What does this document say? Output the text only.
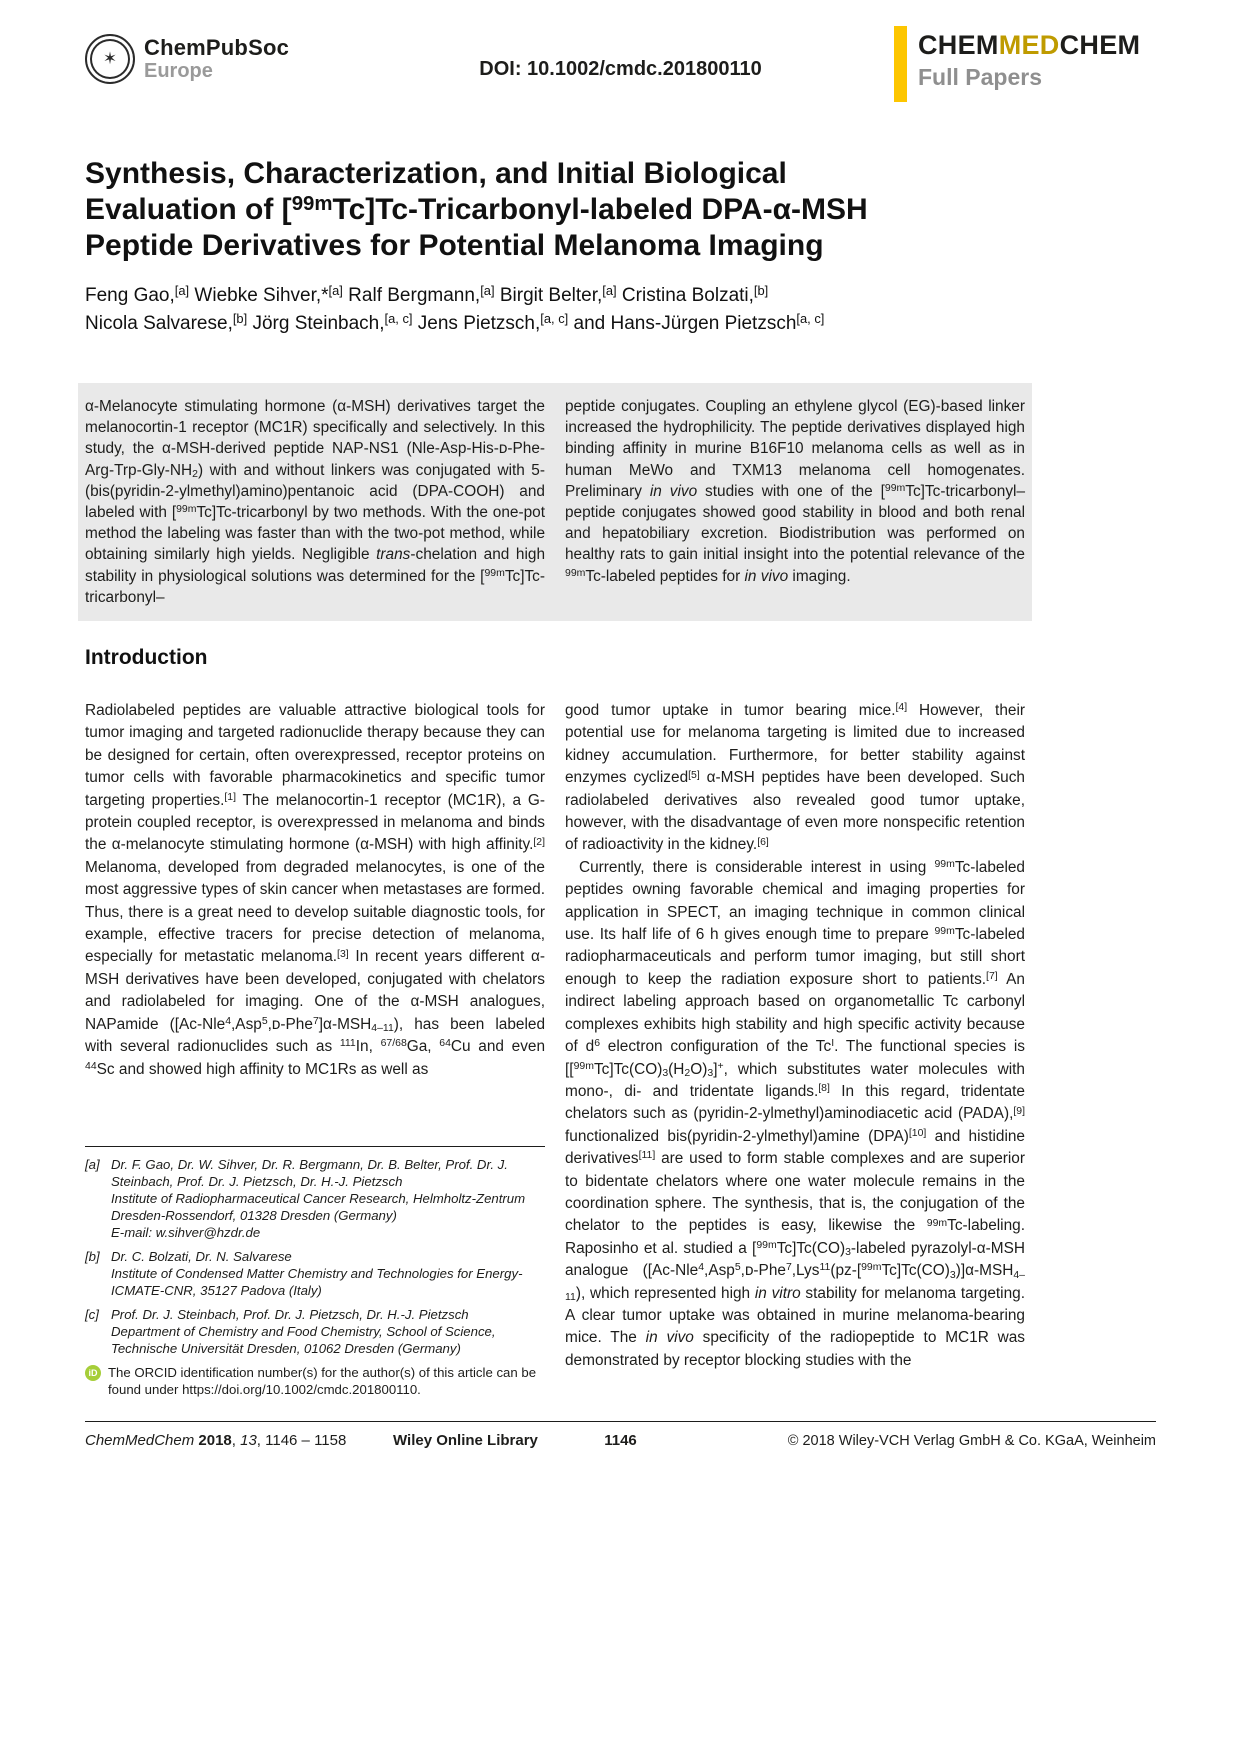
✶ ChemPubSoc
Europe	DOI: 10.1002/cmdc.201800110
CHEMMEDCHEM
Full Papers
Synthesis, Characterization, and Initial Biological
Evaluation of [$^{99m}$Tc]Tc-Tricarbonyl-labeled DPA-α-MSH
Peptide Derivatives for Potential Melanoma Imaging
Feng Gao,[a] Wiebke Sihver,*[a] Ralf Bergmann,[a] Birgit Belter,[a] Cristina Bolzati,[b]
Nicola Salvarese,[b] Jörg Steinbach,[a, c] Jens Pietzsch,[a, c] and Hans-Jürgen Pietzsch[a, c]
α-Melanocyte stimulating hormone (α-MSH) derivatives target the melanocortin-1 receptor (MC1R) specifically and selectively. In this study, the α-MSH-derived peptide NAP-NS1 $(Nle-Asp-His-ᴅ-Phe-Arg-Trp-Gly-NH_2)$ with and without linkers was conjugated with 5-(bis(pyridin-2-ylmethyl)amino)pentanoic acid (DPA-COOH) and labeled with [$^{99m}$Tc]Tc-tricarbonyl by two methods. With the one-pot method the labeling was faster than with the two-pot method, while obtaining similarly high yields. Negligible trans-chelation and high stability in physiological solutions was determined for the [$^{99m}$Tc]Tc-tricarbonyl–
peptide conjugates. Coupling an ethylene glycol (EG)-based linker increased the hydrophilicity. The peptide derivatives displayed high binding affinity in murine B16F10 melanoma cells as well as in human MeWo and TXM13 melanoma cell homogenates. Preliminary in vivo studies with one of the [$^{99m}$Tc]Tc-tricarbonyl–peptide conjugates showed good stability in blood and both renal and hepatobiliary excretion. Biodistribution was performed on healthy rats to gain initial insight into the potential relevance of the $^{99m}$Tc-labeled peptides for in vivo imaging.
Introduction

Radiolabeled peptides are valuable attractive biological tools for tumor imaging and targeted radionuclide therapy because they can be designed for certain, often overexpressed, receptor proteins on tumor cells with favorable pharmacokinetics and specific tumor targeting properties.[1] The melanocortin-1 receptor (MC1R), a G-protein coupled receptor, is overexpressed in melanoma and binds the α-melanocyte stimulating hormone (α-MSH) with high affinity.[2] Melanoma, developed from degraded melanocytes, is one of the most aggressive types of skin cancer when metastases are formed. Thus, there is a great need to develop suitable diagnostic tools, for example, effective tracers for precise detection of melanoma, especially for metastatic melanoma.[3] In recent years different α-MSH derivatives have been developed, conjugated with chelators and radiolabeled for imaging. One of the α-MSH analogues, NAPamide $([Ac-Nle^4,Asp^5,ᴅ-Phe^7]\alpha-MSH_{4-11})$, has been labeled with several radionuclides such as $^{111}$In, $^{67/68}$Ga, $^{64}$Cu and even $^{44}$Sc and showed high affinity to MC1Rs as well as

[a] Dr. F. Gao, Dr. W. Sihver, Dr. R. Bergmann, Dr. B. Belter, Prof. Dr. J. Steinbach, Prof. Dr. J. Pietzsch, Dr. H.-J. Pietzsch
Institute of Radiopharmaceutical Cancer Research, Helmholtz-Zentrum Dresden-Rossendorf, 01328 Dresden (Germany)
E-mail: w.sihver@hzdr.de
[b] Dr. C. Bolzati, Dr. N. Salvarese
Institute of Condensed Matter Chemistry and Technologies for Energy-ICMATE-CNR, 35127 Padova (Italy)
[c] Prof. Dr. J. Steinbach, Prof. Dr. J. Pietzsch, Dr. H.-J. Pietzsch
Department of Chemistry and Food Chemistry, School of Science, Technische Universität Dresden, 01062 Dresden (Germany)
iD The ORCID identification number(s) for the author(s) of this article can be found under https://doi.org/10.1002/cmdc.201800110.

good tumor uptake in tumor bearing mice.[4] However, their potential use for melanoma targeting is limited due to increased kidney accumulation. Furthermore, for better stability against enzymes cyclized[5] α-MSH peptides have been developed. Such radiolabeled derivatives also revealed good tumor uptake, however, with the disadvantage of even more nonspecific retention of radioactivity in the kidney.[6]

Currently, there is considerable interest in using $^{99m}$Tc-labeled peptides owning favorable chemical and imaging properties for application in SPECT, an imaging technique in common clinical use. Its half life of 6 h gives enough time to prepare $^{99m}$Tc-labeled radiopharmaceuticals and perform tumor imaging, but still short enough to keep the radiation exposure short to patients.[7] An indirect labeling approach based on organometallic Tc carbonyl complexes exhibits high stability and high specific activity because of $d^6$ electron configuration of the $Tc^I$. The functional species is $[[^{99m}Tc]Tc(CO)_3(H_2O)_3]^+$, which substitutes water molecules with mono-, di- and tridentate ligands.[8] In this regard, tridentate chelators such as (pyridin-2-ylmethyl)aminodiacetic acid (PADA),[9] functionalized bis(pyridin-2-ylmethyl)amine (DPA)[10] and histidine derivatives[11] are used to form stable complexes and are superior to bidentate chelators where one water molecule remains in the coordination sphere. The synthesis, that is, the conjugation of the chelator to the peptides is easy, likewise the $^{99m}$Tc-labeling. Raposinho et al. studied a $[^{99m}Tc]Tc(CO)_3$-labeled pyrazolyl-α-MSH analogue $([Ac-Nle^4,Asp^5,ᴅ-Phe^7,Lys^{11}(pz-[^{99m}Tc]Tc(CO)_3)]\alpha-MSH_{4-11})$, which represented high in vitro stability for melanoma targeting. A clear tumor uptake was obtained in murine melanoma-bearing mice. The in vivo specificity of the radiopeptide to MC1R was demonstrated by receptor blocking studies with the

ChemMedChem 2018, 13, 1146 – 1158	Wiley Online Library	1146	© 2018 Wiley-VCH Verlag GmbH & Co. KGaA, Weinheim
